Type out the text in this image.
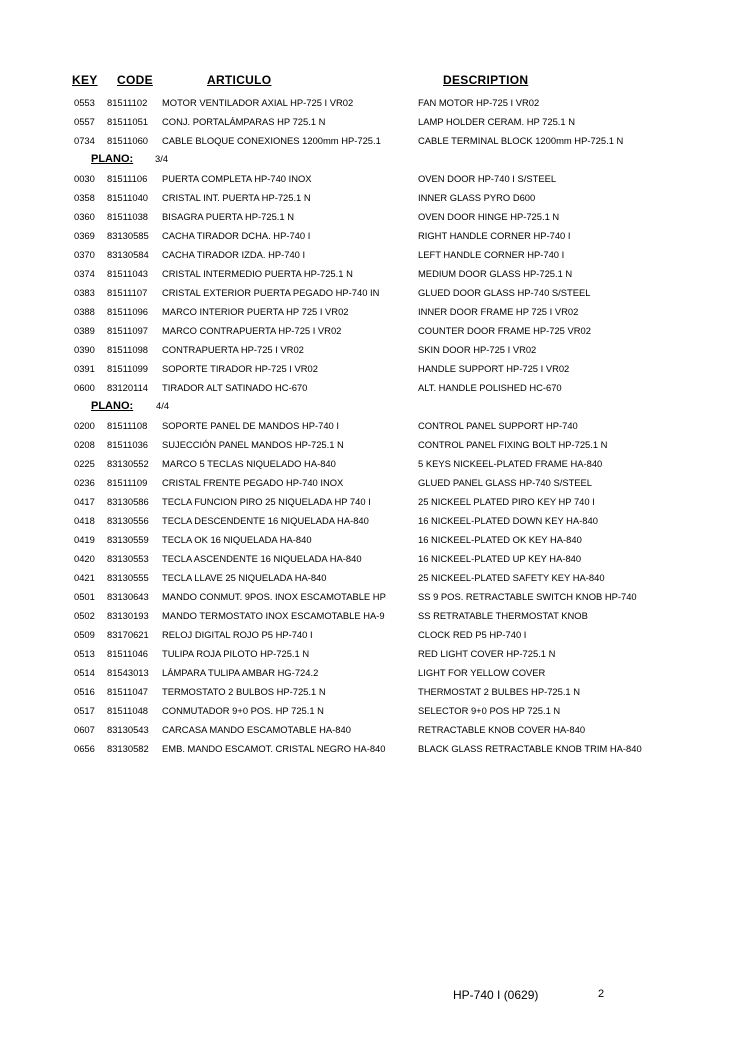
KEY CODE	ARTICULO	DESCRIPTION
0553 81511102 MOTOR VENTILADOR AXIAL HP-725 I VR02	FAN MOTOR HP-725 I VR02
0557 81511051 CONJ. PORTALÁMPARAS HP 725.1 N	LAMP HOLDER CERAM. HP 725.1 N
0734 81511060 CABLE BLOQUE CONEXIONES 1200mm HP-725.1	CABLE TERMINAL BLOCK 1200mm HP-725.1 N
PLANO: 3/4
0030 81511106 PUERTA COMPLETA HP-740 INOX	OVEN DOOR HP-740 I S/STEEL
0358 81511040 CRISTAL INT. PUERTA HP-725.1 N	INNER GLASS PYRO D600
0360 81511038 BISAGRA PUERTA HP-725.1 N	OVEN DOOR HINGE HP-725.1 N
0369 83130585 CACHA TIRADOR DCHA. HP-740 I	RIGHT HANDLE CORNER HP-740 I
0370 83130584 CACHA TIRADOR IZDA. HP-740 I	LEFT HANDLE CORNER HP-740 I
0374 81511043 CRISTAL INTERMEDIO PUERTA HP-725.1 N	MEDIUM DOOR GLASS HP-725.1 N
0383 81511107 CRISTAL EXTERIOR PUERTA PEGADO HP-740 IN	GLUED DOOR GLASS HP-740 S/STEEL
0388 81511096 MARCO INTERIOR PUERTA HP 725 I VR02	INNER DOOR FRAME HP 725 I VR02
0389 81511097 MARCO CONTRAPUERTA HP-725 I VR02	COUNTER DOOR FRAME HP-725 VR02
0390 81511098 CONTRAPUERTA HP-725 I VR02	SKIN DOOR HP-725 I VR02
0391 81511099 SOPORTE TIRADOR HP-725 I VR02	HANDLE SUPPORT HP-725 I VR02
0600 83120114 TIRADOR ALT SATINADO HC-670	ALT. HANDLE POLISHED HC-670
PLANO: 4/4
0200 81511108 SOPORTE PANEL DE MANDOS HP-740 I	CONTROL PANEL SUPPORT HP-740
0208 81511036 SUJECCIÓN PANEL MANDOS HP-725.1 N	CONTROL PANEL FIXING BOLT HP-725.1 N
0225 83130552 MARCO 5 TECLAS NIQUELADO HA-840	5 KEYS NICKEEL-PLATED FRAME HA-840
0236 81511109 CRISTAL FRENTE PEGADO HP-740 INOX	GLUED PANEL GLASS HP-740 S/STEEL
0417 83130586 TECLA FUNCION PIRO 25 NIQUELADA HP 740 I	25 NICKEEL PLATED PIRO KEY HP 740 I
0418 83130556 TECLA DESCENDENTE 16 NIQUELADA HA-840	16 NICKEEL-PLATED DOWN KEY HA-840
0419 83130559 TECLA OK 16 NIQUELADA HA-840	16 NICKEEL-PLATED OK KEY HA-840
0420 83130553 TECLA ASCENDENTE 16 NIQUELADA HA-840	16 NICKEEL-PLATED UP KEY HA-840
0421 83130555 TECLA LLAVE 25 NIQUELADA HA-840	25 NICKEEL-PLATED SAFETY KEY HA-840
0501 83130643 MANDO CONMUT. 9POS. INOX ESCAMOTABLE HP	SS 9 POS. RETRACTABLE SWITCH KNOB HP-740
0502 83130193 MANDO TERMOSTATO INOX ESCAMOTABLE HA-9	SS RETRATABLE THERMOSTAT KNOB
0509 83170621 RELOJ DIGITAL ROJO P5 HP-740 I	CLOCK RED P5 HP-740 I
0513 81511046 TULIPA ROJA PILOTO HP-725.1 N	RED LIGHT COVER HP-725.1 N
0514 81543013 LÁMPARA TULIPA AMBAR HG-724.2	LIGHT FOR YELLOW COVER
0516 81511047 TERMOSTATO 2 BULBOS HP-725.1 N	THERMOSTAT 2 BULBES HP-725.1 N
0517 81511048 CONMUTADOR 9+0 POS. HP 725.1 N	SELECTOR 9+0 POS HP 725.1 N
0607 83130543 CARCASA MANDO ESCAMOTABLE HA-840	RETRACTABLE KNOB COVER HA-840
0656 83130582 EMB. MANDO ESCAMOT. CRISTAL NEGRO HA-840	BLACK GLASS RETRACTABLE KNOB TRIM HA-840
HP-740 I (0629)	2
